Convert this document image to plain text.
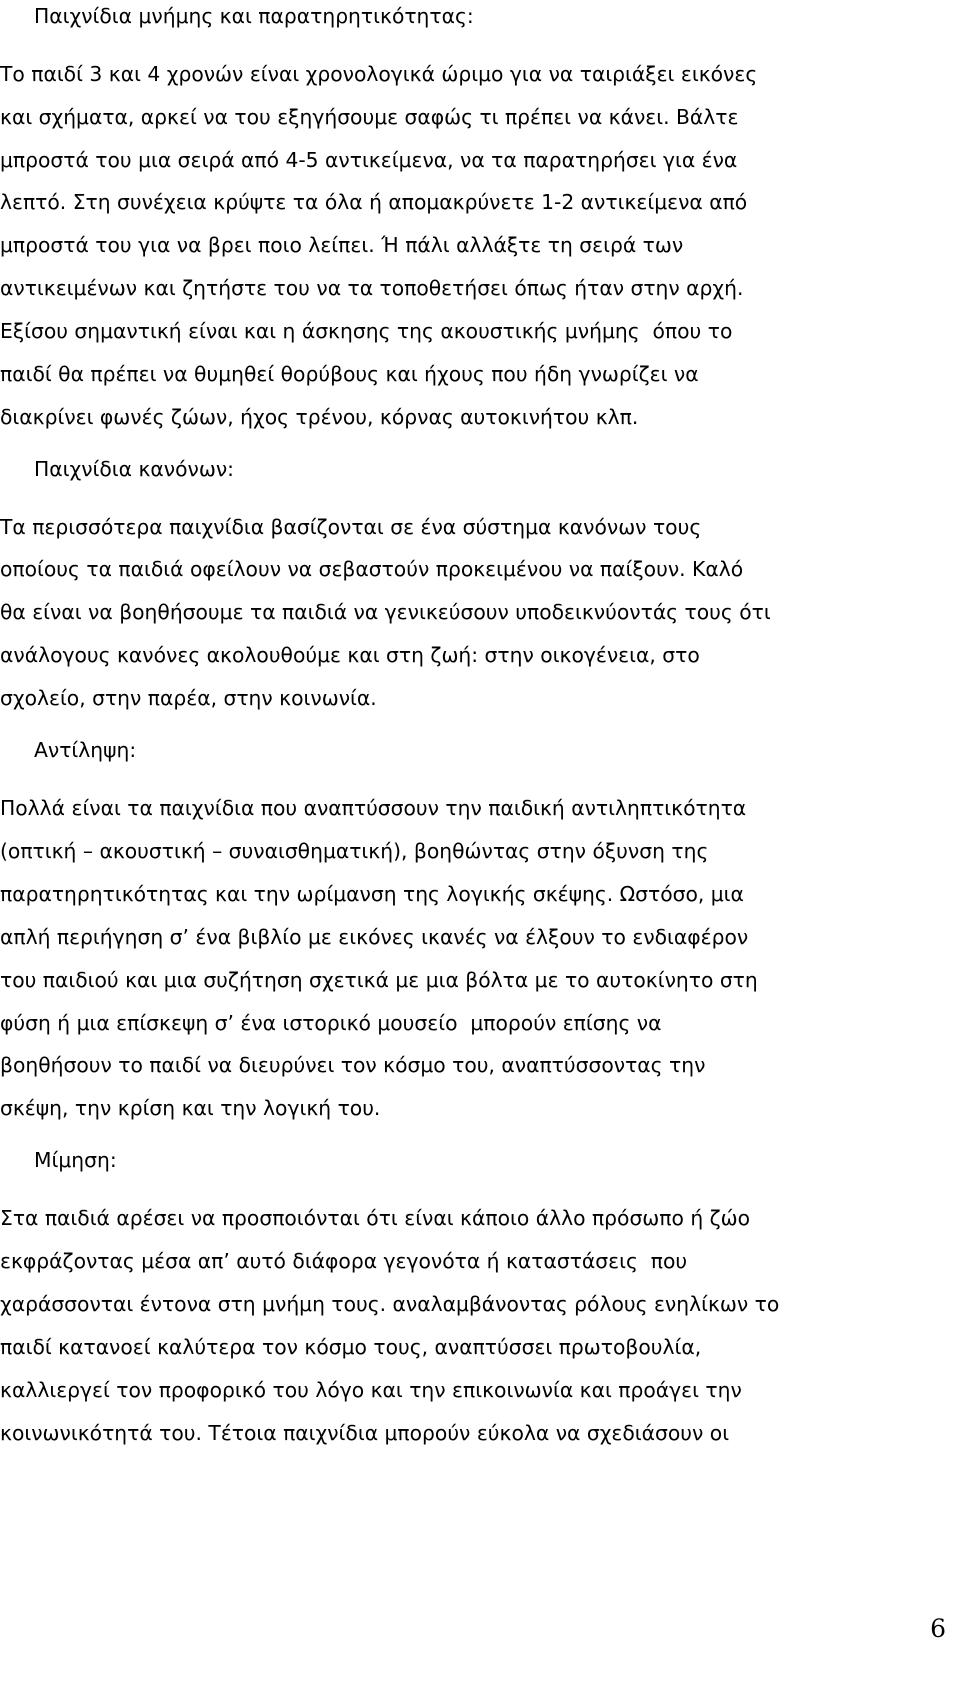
Παιχνίδια μνήμης και παρατηρητικότητας:
Το παιδί 3 και 4 χρονών είναι χρονολογικά ώριμο για να ταιριάξει εικόνες
και σχήματα, αρκεί να του εξηγήσουμε σαφώς τι πρέπει να κάνει. Βάλτε
μπροστά του μια σειρά από 4-5 αντικείμενα, να τα παρατηρήσει για ένα
λεπτό. Στη συνέχεια κρύψτε τα όλα ή απομακρύνετε 1-2 αντικείμενα από
μπροστά του για να βρει ποιο λείπει. Ή πάλι αλλάξτε τη σειρά των
αντικειμένων και ζητήστε του να τα τοποθετήσει όπως ήταν στην αρχή.
Εξίσου σημαντική είναι και η άσκησης της ακουστικής μνήμης  όπου το
παιδί θα πρέπει να θυμηθεί θορύβους και ήχους που ήδη γνωρίζει να
διακρίνει φωνές ζώων, ήχος τρένου, κόρνας αυτοκινήτου κλπ.
Παιχνίδια κανόνων:
Τα περισσότερα παιχνίδια βασίζονται σε ένα σύστημα κανόνων τους
οποίους τα παιδιά οφείλουν να σεβαστούν προκειμένου να παίξουν. Καλό
θα είναι να βοηθήσουμε τα παιδιά να γενικεύσουν υποδεικνύοντάς τους ότι
ανάλογους κανόνες ακολουθούμε και στη ζωή: στην οικογένεια, στο
σχολείο, στην παρέα, στην κοινωνία.
Αντίληψη:
Πολλά είναι τα παιχνίδια που αναπτύσσουν την παιδική αντιληπτικότητα
(οπτική – ακουστική – συναισθηματική), βοηθώντας στην όξυνση της
παρατηρητικότητας και την ωρίμανση της λογικής σκέψης. Ωστόσο, μια
απλή περιήγηση σ’ ένα βιβλίο με εικόνες ικανές να έλξουν το ενδιαφέρον
του παιδιού και μια συζήτηση σχετικά με μια βόλτα με το αυτοκίνητο στη
φύση ή μια επίσκεψη σ’ ένα ιστορικό μουσείο  μπορούν επίσης να
βοηθήσουν το παιδί να διευρύνει τον κόσμο του, αναπτύσσοντας την
σκέψη, την κρίση και την λογική του.
Μίμηση:
Στα παιδιά αρέσει να προσποιόνται ότι είναι κάποιο άλλο πρόσωπο ή ζώο
εκφράζοντας μέσα απ’ αυτό διάφορα γεγονότα ή καταστάσεις  που
χαράσσονται έντονα στη μνήμη τους. αναλαμβάνοντας ρόλους ενηλίκων το
παιδί κατανοεί καλύτερα τον κόσμο τους, αναπτύσσει πρωτοβουλία,
καλλιεργεί τον προφορικό του λόγο και την επικοινωνία και προάγει την
κοινωνικότητά του. Τέτοια παιχνίδια μπορούν εύκολα να σχεδιάσουν οι
6
